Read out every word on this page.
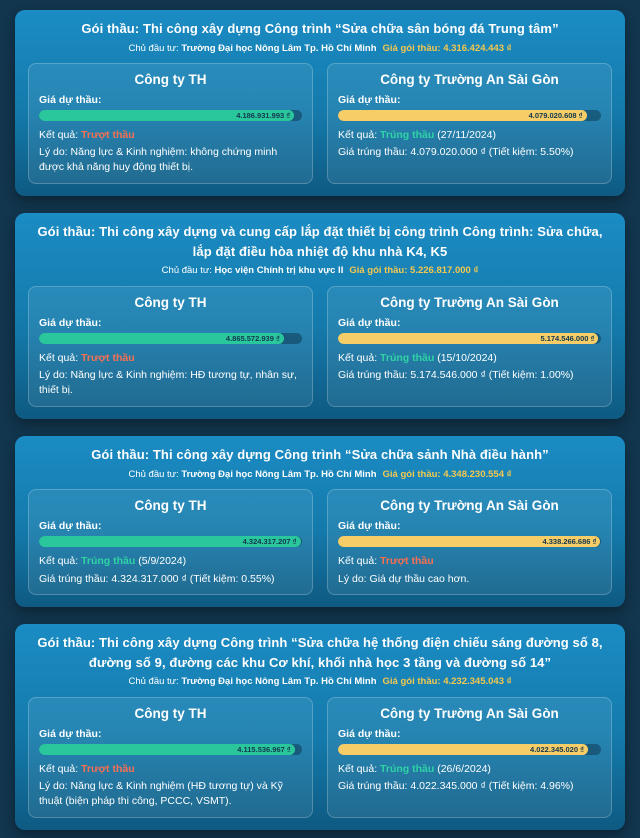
Gói thầu: Thi công xây dựng Công trình “Sửa chữa sân bóng đá Trung tâm”

Chủ đầu tư: Trường Đại học Nông Lâm Tp. Hồ Chí Minh Giá gói thầu: 4.316.424.443 ₫

Công ty TH
Giá dự thầu:
4.186.931.993 ₫
Kết quả: Trượt thầu
Lý do: Năng lực & Kinh nghiệm: không chứng minh được khả năng huy động thiết bị.
Công ty Trường An Sài Gòn
Giá dự thầu:
4.079.020.608 ₫
Kết quả: Trúng thầu (27/11/2024)
Giá trúng thầu: 4.079.020.000 ₫ (Tiết kiệm: 5.50%)
Gói thầu: Thi công xây dựng và cung cấp lắp đặt thiết bị công trình Công trình: Sửa chữa, lắp đặt điều hòa nhiệt độ khu nhà K4, K5

Chủ đầu tư: Học viện Chính trị khu vực II Giá gói thầu: 5.226.817.000 ₫

Công ty TH
Giá dự thầu:
4.865.572.939 ₫
Kết quả: Trượt thầu
Lý do: Năng lực & Kinh nghiệm: HĐ tương tự, nhân sự, thiết bị.
Công ty Trường An Sài Gòn
Giá dự thầu:
5.174.546.000 ₫
Kết quả: Trúng thầu (15/10/2024)
Giá trúng thầu: 5.174.546.000 ₫ (Tiết kiệm: 1.00%)
Gói thầu: Thi công xây dựng Công trình “Sửa chữa sảnh Nhà điều hành”

Chủ đầu tư: Trường Đại học Nông Lâm Tp. Hồ Chí Minh Giá gói thầu: 4.348.230.554 ₫

Công ty TH
Giá dự thầu:
4.324.317.207 ₫
Kết quả: Trúng thầu (5/9/2024)
Giá trúng thầu: 4.324.317.000 ₫ (Tiết kiệm: 0.55%)
Công ty Trường An Sài Gòn
Giá dự thầu:
4.338.266.686 ₫
Kết quả: Trượt thầu
Lý do: Giá dự thầu cao hơn.
Gói thầu: Thi công xây dựng Công trình “Sửa chữa hệ thống điện chiếu sáng đường số 8, đường số 9, đường các khu Cơ khí, khối nhà học 3 tầng và đường số 14”

Chủ đầu tư: Trường Đại học Nông Lâm Tp. Hồ Chí Minh Giá gói thầu: 4.232.345.043 ₫

Công ty TH
Giá dự thầu:
4.115.536.967 ₫
Kết quả: Trượt thầu
Lý do: Năng lực & Kinh nghiệm (HĐ tương tự) và Kỹ thuật (biện pháp thi công, PCCC, VSMT).
Công ty Trường An Sài Gòn
Giá dự thầu:
4.022.345.020 ₫
Kết quả: Trúng thầu (26/6/2024)
Giá trúng thầu: 4.022.345.000 ₫ (Tiết kiệm: 4.96%)
